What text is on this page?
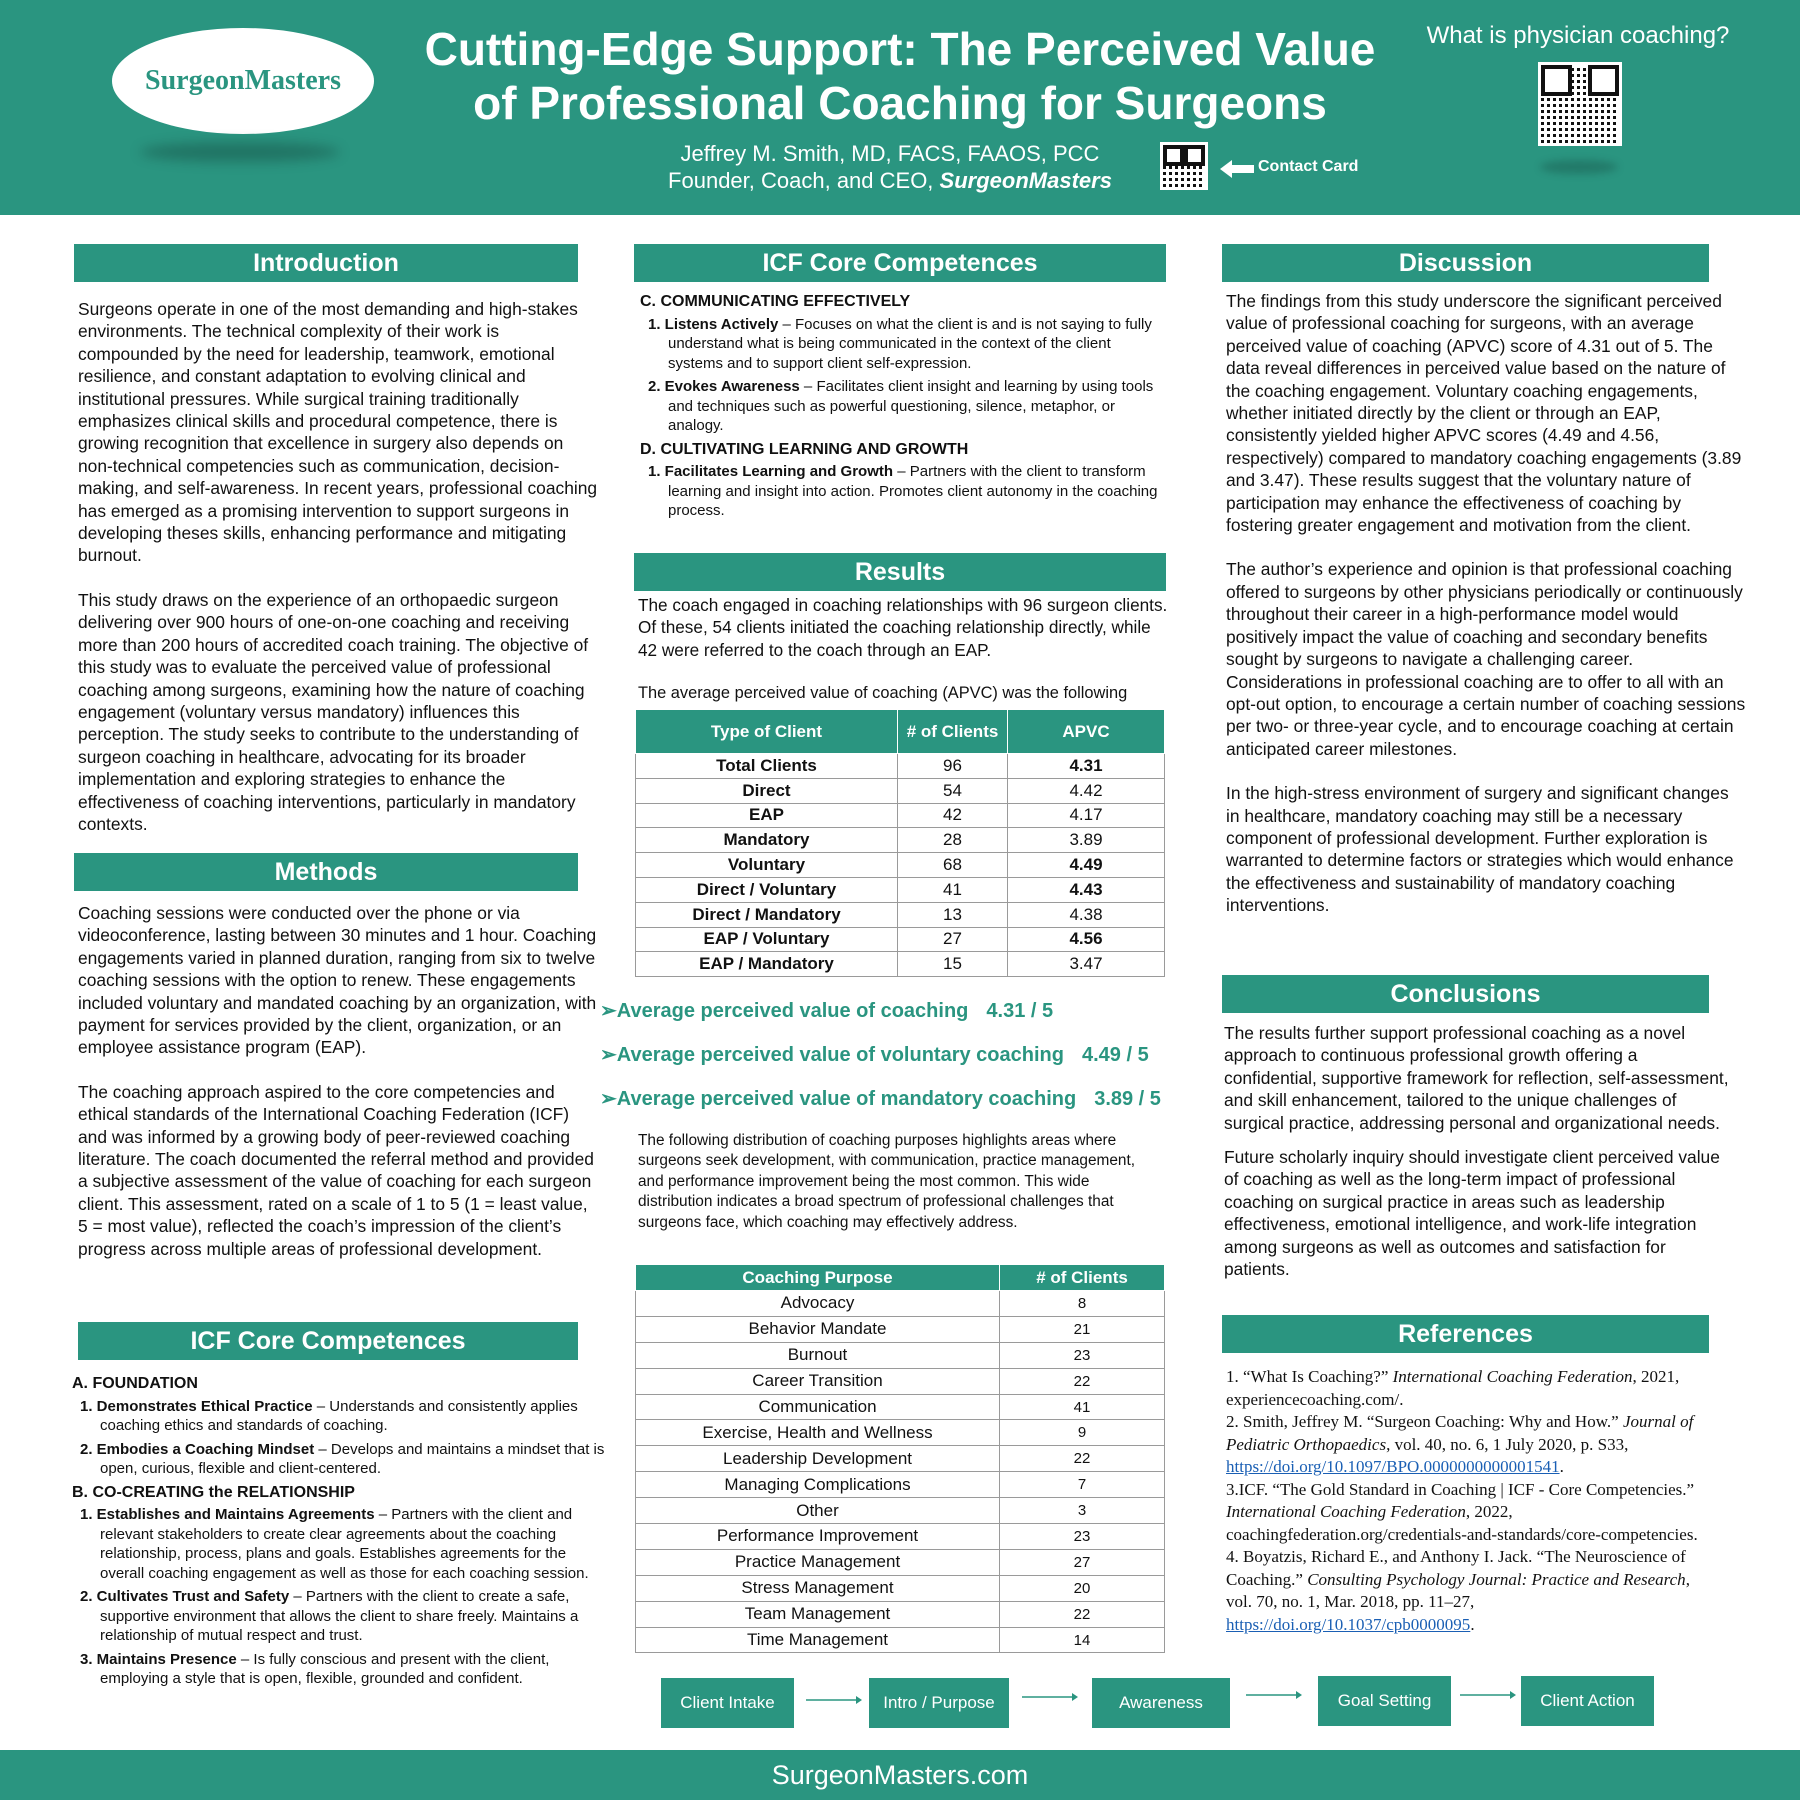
SurgeonMasters
Cutting-Edge Support: The Perceived Value
of Professional Coaching for Surgeons
Jeffrey M. Smith, MD, FACS, FAAOS, PCC
Founder, Coach, and CEO, SurgeonMasters
Contact Card
What is physician coaching?
Introduction

Surgeons operate in one of the most demanding and high-stakes environments. The technical complexity of their work is compounded by the need for leadership, teamwork, emotional resilience, and constant adaptation to evolving clinical and institutional pressures. While surgical training traditionally emphasizes clinical skills and procedural competence, there is growing recognition that excellence in surgery also depends on non-technical competencies such as communication, decision-making, and self-awareness. In recent years, professional coaching has emerged as a promising intervention to support surgeons in developing theses skills, enhancing performance and mitigating burnout.

This study draws on the experience of an orthopaedic surgeon delivering over 900 hours of one-on-one coaching and receiving more than 200 hours of accredited coach training. The objective of this study was to evaluate the perceived value of professional coaching among surgeons, examining how the nature of coaching engagement (voluntary versus mandatory) influences this perception. The study seeks to contribute to the understanding of surgeon coaching in healthcare, advocating for its broader implementation and exploring strategies to enhance the effectiveness of coaching interventions, particularly in mandatory contexts.

Methods

Coaching sessions were conducted over the phone or via videoconference, lasting between 30 minutes and 1 hour. Coaching engagements varied in planned duration, ranging from six to twelve coaching sessions with the option to renew. These engagements included voluntary and mandated coaching by an organization, with payment for services provided by the client, organization, or an employee assistance program (EAP).

The coaching approach aspired to the core competencies and ethical standards of the International Coaching Federation (ICF) and was informed by a growing body of peer-reviewed coaching literature. The coach documented the referral method and provided a subjective assessment of the value of coaching for each surgeon client. This assessment, rated on a scale of 1 to 5 (1 = least value, 5 = most value), reflected the coach’s impression of the client’s progress across multiple areas of professional development.

ICF Core Competences
A. FOUNDATION
1. Demonstrates Ethical Practice – Understands and consistently applies coaching ethics and standards of coaching.
2. Embodies a Coaching Mindset – Develops and maintains a mindset that is open, curious, flexible and client-centered.
B. CO-CREATING the RELATIONSHIP
1. Establishes and Maintains Agreements – Partners with the client and relevant stakeholders to create clear agreements about the coaching relationship, process, plans and goals. Establishes agreements for the overall coaching engagement as well as those for each coaching session.
2. Cultivates Trust and Safety – Partners with the client to create a safe, supportive environment that allows the client to share freely. Maintains a relationship of mutual respect and trust.
3. Maintains Presence – Is fully conscious and present with the client, employing a style that is open, flexible, grounded and confident.
ICF Core Competences
C. COMMUNICATING EFFECTIVELY
1. Listens Actively – Focuses on what the client is and is not saying to fully understand what is being communicated in the context of the client systems and to support client self-expression.
2. Evokes Awareness – Facilitates client insight and learning by using tools and techniques such as powerful questioning, silence, metaphor, or analogy.
D. CULTIVATING LEARNING AND GROWTH
1. Facilitates Learning and Growth – Partners with the client to transform learning and insight into action. Promotes client autonomy in the coaching process.
Results
The coach engaged in coaching relationships with 96 surgeon clients. Of these, 54 clients initiated the coaching relationship directly, while 42 were referred to the coach through an EAP.
The average perceived value of coaching (APVC) was the following
Type of Client	# of Clients	APVC
Total Clients	96	4.31
Direct	54	4.42
EAP	42	4.17
Mandatory	28	3.89
Voluntary	68	4.49
Direct / Voluntary	41	4.43
Direct / Mandatory	13	4.38
EAP / Voluntary	27	4.56
EAP / Mandatory	15	3.47
➢Average perceived value of coaching 4.31 / 5
➢Average perceived value of voluntary coaching 4.49 / 5
➢Average perceived value of mandatory coaching 3.89 / 5
The following distribution of coaching purposes highlights areas where surgeons seek development, with communication, practice management, and performance improvement being the most common. This wide distribution indicates a broad spectrum of professional challenges that surgeons face, which coaching may effectively address.
Coaching Purpose	# of Clients
Advocacy	8
Behavior Mandate	21
Burnout	23
Career Transition	22
Communication	41
Exercise, Health and Wellness	9
Leadership Development	22
Managing Complications	7
Other	3
Performance Improvement	23
Practice Management	27
Stress Management	20
Team Management	22
Time Management	14
Client Intake	Intro / Purpose	Awareness	Goal Setting	Client Action
Discussion

The findings from this study underscore the significant perceived value of professional coaching for surgeons, with an average perceived value of coaching (APVC) score of 4.31 out of 5. The data reveal differences in perceived value based on the nature of the coaching engagement. Voluntary coaching engagements, whether initiated directly by the client or through an EAP, consistently yielded higher APVC scores (4.49 and 4.56, respectively) compared to mandatory coaching engagements (3.89 and 3.47). These results suggest that the voluntary nature of participation may enhance the effectiveness of coaching by fostering greater engagement and motivation from the client.

The author’s experience and opinion is that professional coaching offered to surgeons by other physicians periodically or continuously throughout their career in a high-performance model would positively impact the value of coaching and secondary benefits sought by surgeons to navigate a challenging career. Considerations in professional coaching are to offer to all with an opt-out option, to encourage a certain number of coaching sessions per two- or three-year cycle, and to encourage coaching at certain anticipated career milestones.

In the high-stress environment of surgery and significant changes in healthcare, mandatory coaching may still be a necessary component of professional development. Further exploration is warranted to determine factors or strategies which would enhance the effectiveness and sustainability of mandatory coaching interventions.

Conclusions

The results further support professional coaching as a novel approach to continuous professional growth offering a confidential, supportive framework for reflection, self-assessment, and skill enhancement, tailored to the unique challenges of surgical practice, addressing personal and organizational needs.

Future scholarly inquiry should investigate client perceived value of coaching as well as the long-term impact of professional coaching on surgical practice in areas such as leadership effectiveness, emotional intelligence, and work-life integration among surgeons as well as outcomes and satisfaction for patients.

References
1. “What Is Coaching?” International Coaching Federation, 2021, experiencecoaching.com/.
2. Smith, Jeffrey M. “Surgeon Coaching: Why and How.” Journal of Pediatric Orthopaedics, vol. 40, no. 6, 1 July 2020, p. S33, https://doi.org/10.1097/BPO.0000000000001541.
3.ICF. “The Gold Standard in Coaching | ICF - Core Competencies.” International Coaching Federation, 2022, coachingfederation.org/credentials-and-standards/core-competencies.
4. Boyatzis, Richard E., and Anthony I. Jack. “The Neuroscience of Coaching.” Consulting Psychology Journal: Practice and Research, vol. 70, no. 1, Mar. 2018, pp. 11–27, https://doi.org/10.1037/cpb0000095.
SurgeonMasters.com
